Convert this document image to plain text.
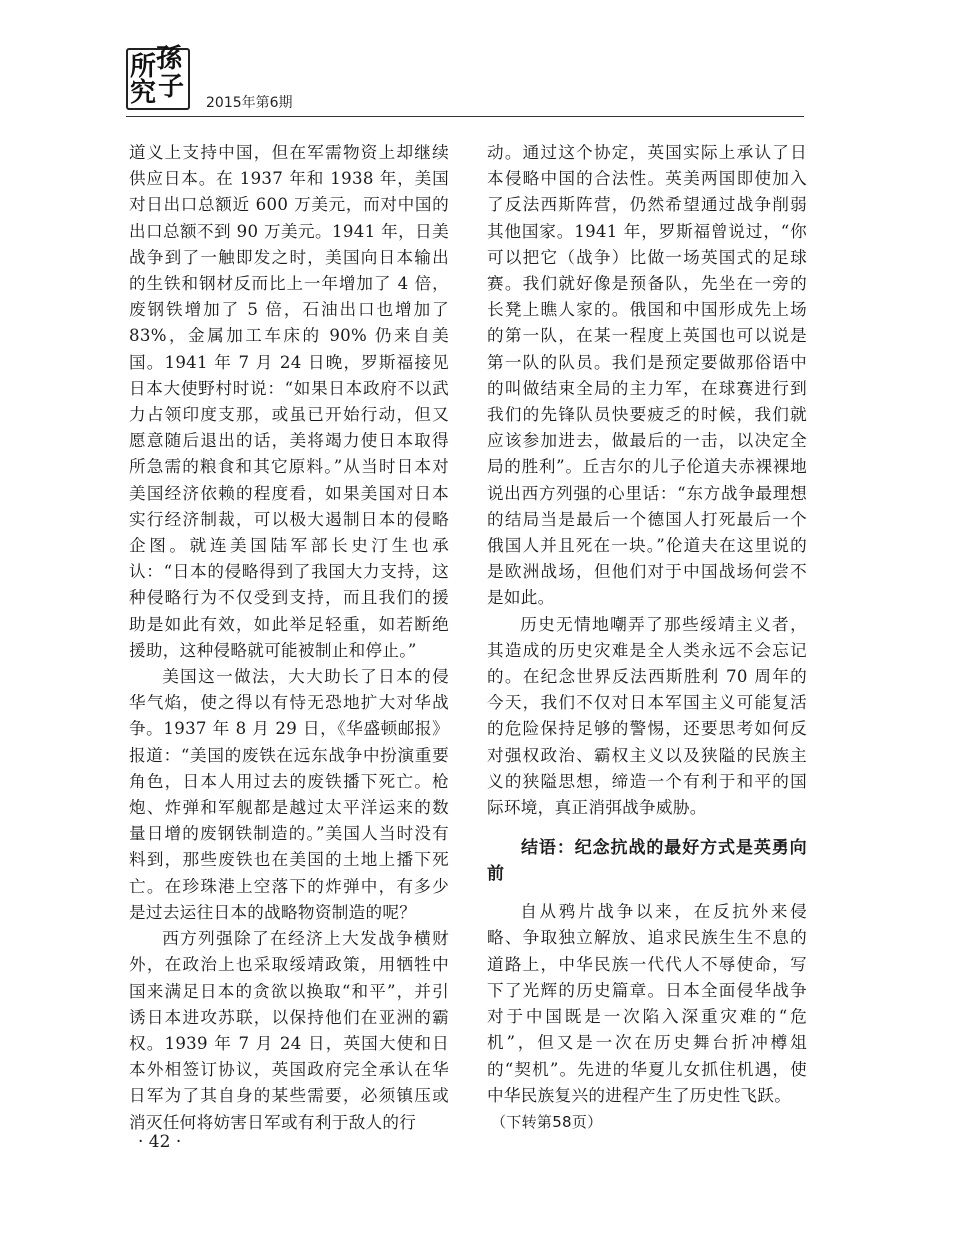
所 孫
究 子
2015年第6期

道义上支持中国，但在军需物资上却继续供应日本。在 1937 年和 1938 年，美国对日出口总额近 600 万美元，而对中国的出口总额不到 90 万美元。1941 年，日美战争到了一触即发之时，美国向日本输出的生铁和钢材反而比上一年增加了 4 倍，废钢铁增加了 5 倍，石油出口也增加了 83%，金属加工车床的 90% 仍来自美国。1941 年 7 月 24 日晚，罗斯福接见日本大使野村时说：“如果日本政府不以武力占领印度支那，或虽已开始行动，但又愿意随后退出的话，美将竭力使日本取得所急需的粮食和其它原料。”从当时日本对美国经济依赖的程度看，如果美国对日本实行经济制裁，可以极大遏制日本的侵略企图。就连美国陆军部长史汀生也承认：“日本的侵略得到了我国大力支持，这种侵略行为不仅受到支持，而且我们的援助是如此有效，如此举足轻重，如若断绝援助，这种侵略就可能被制止和停止。”

美国这一做法，大大助长了日本的侵华气焰，使之得以有恃无恐地扩大对华战争。1937 年 8 月 29 日，《华盛顿邮报》报道：“美国的废铁在远东战争中扮演重要角色，日本人用过去的废铁播下死亡。枪炮、炸弹和军舰都是越过太平洋运来的数量日增的废钢铁制造的。”美国人当时没有料到，那些废铁也在美国的土地上播下死亡。在珍珠港上空落下的炸弹中，有多少是过去运往日本的战略物资制造的呢？

西方列强除了在经济上大发战争横财外，在政治上也采取绥靖政策，用牺牲中国来满足日本的贪欲以换取“和平”，并引诱日本进攻苏联，以保持他们在亚洲的霸权。1939 年 7 月 24 日，英国大使和日本外相签订协议，英国政府完全承认在华日军为了其自身的某些需要，必须镇压或消灭任何将妨害日军或有利于敌人的行

动。通过这个协定，英国实际上承认了日本侵略中国的合法性。英美两国即使加入了反法西斯阵营，仍然希望通过战争削弱其他国家。1941 年，罗斯福曾说过，“你可以把它（战争）比做一场英国式的足球赛。我们就好像是预备队，先坐在一旁的长凳上瞧人家的。俄国和中国形成先上场的第一队，在某一程度上英国也可以说是第一队的队员。我们是预定要做那俗语中的叫做结束全局的主力军，在球赛进行到我们的先锋队员快要疲乏的时候，我们就应该参加进去，做最后的一击，以决定全局的胜利”。丘吉尔的儿子伦道夫赤裸裸地说出西方列强的心里话：“东方战争最理想的结局当是最后一个德国人打死最后一个俄国人并且死在一块。”伦道夫在这里说的是欧洲战场，但他们对于中国战场何尝不是如此。

历史无情地嘲弄了那些绥靖主义者，其造成的历史灾难是全人类永远不会忘记的。在纪念世界反法西斯胜利 70 周年的今天，我们不仅对日本军国主义可能复活的危险保持足够的警惕，还要思考如何反对强权政治、霸权主义以及狭隘的民族主义的狭隘思想，缔造一个有利于和平的国际环境，真正消弭战争威胁。

结语：纪念抗战的最好方式是英勇向前

自从鸦片战争以来，在反抗外来侵略、争取独立解放、追求民族生生不息的道路上，中华民族一代代人不辱使命，写下了光辉的历史篇章。日本全面侵华战争对于中国既是一次陷入深重灾难的“危机”，但又是一次在历史舞台折冲樽俎的“契机”。先进的华夏儿女抓住机遇，使中华民族复兴的进程产生了历史性飞跃。

（下转第58页）
· 42 ·
